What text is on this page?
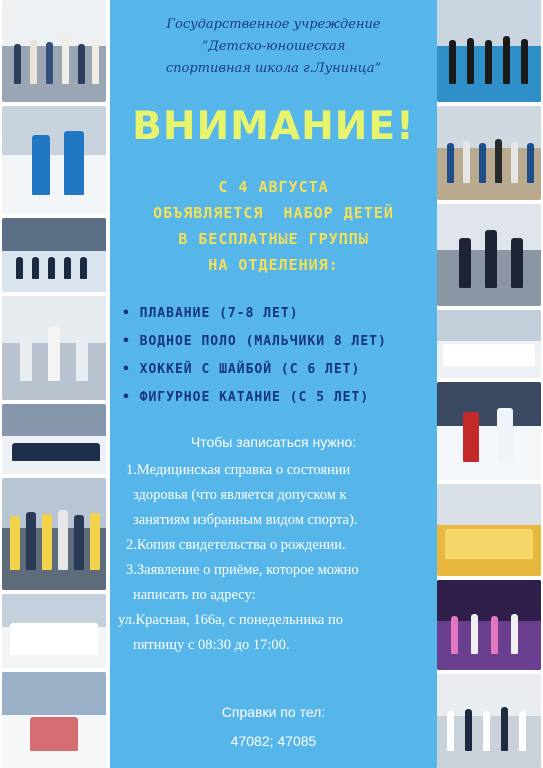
Государственное учреждение
“Детско-юношеская
спортивная школа г.Лунинца”
ВНИМАНИЕ!
С 4 АВГУСТА
ОБЪЯВЛЯЕТСЯ  НАБОР ДЕТЕЙ
В БЕСПЛАТНЫЕ ГРУППЫ
НА ОТДЕЛЕНИЯ:
• ПЛАВАНИЕ (7-8 ЛЕТ)
• ВОДНОЕ ПОЛО (МАЛЬЧИКИ 8 ЛЕТ)
• ХОККЕЙ С ШАЙБОЙ (С 6 ЛЕТ)
• ФИГУРНОЕ КАТАНИЕ (С 5 ЛЕТ)
Чтобы записаться нужно:
1.Медицинская справка о состоянии
здоровья (что является допуском к
занятиям избранным видом спорта).
2.Копия свидетельства о рождении.
3.Заявление о приёме, которое можно
написать по адресу:
ул.Красная, 166а, с понедельника по
пятницу с 08:30 до 17:00.
Справки по тел:
47082; 47085
